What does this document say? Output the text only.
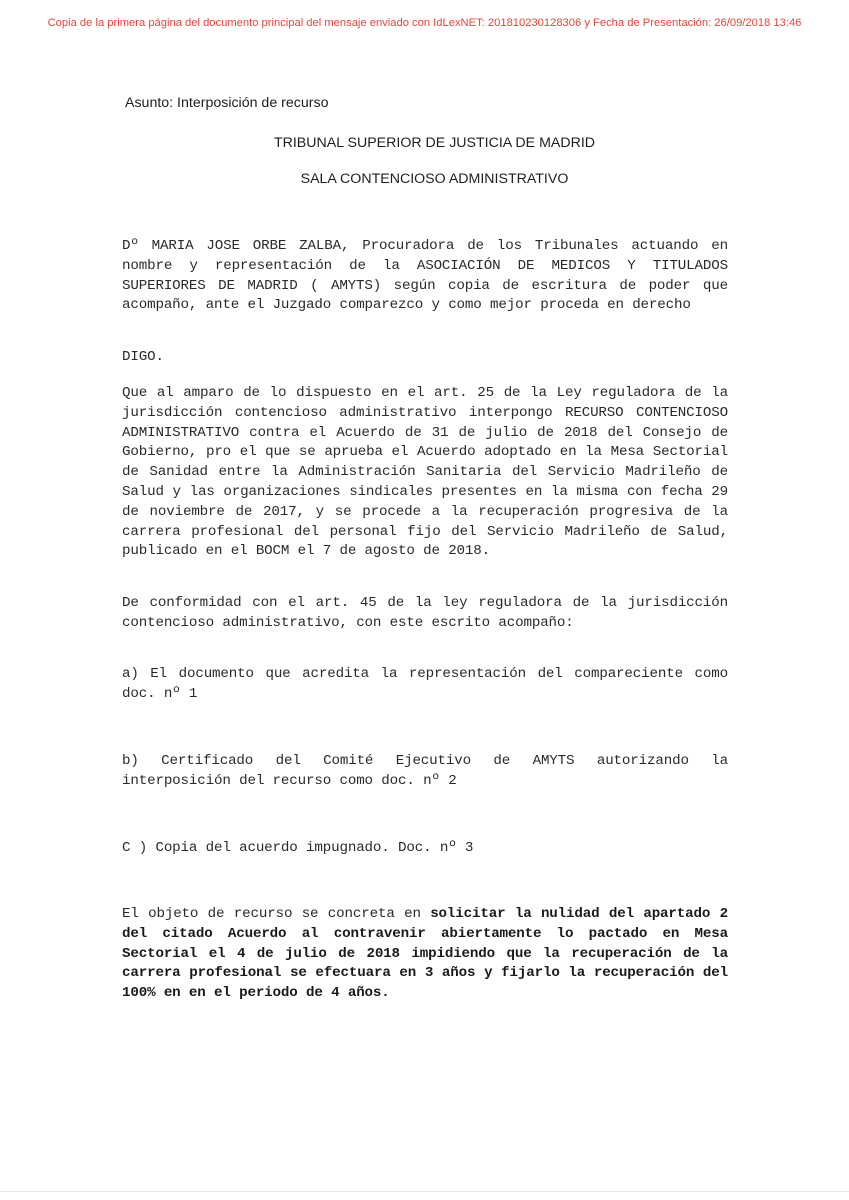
Copia de la primera página del documento principal del mensaje enviado con IdLexNET: 201810230128306 y Fecha de Presentación: 26/09/2018 13:46
Asunto: Interposición de recurso
TRIBUNAL SUPERIOR DE JUSTICIA DE MADRID
SALA CONTENCIOSO ADMINISTRATIVO
Dº MARIA JOSE ORBE ZALBA, Procuradora de los Tribunales actuando en nombre y representación de la ASOCIACIÓN DE MEDICOS Y TITULADOS SUPERIORES DE MADRID ( AMYTS) según copia de escritura de poder que acompaño, ante el Juzgado comparezco y como mejor proceda en derecho
DIGO.
Que al amparo de lo dispuesto en el art. 25 de la Ley reguladora de la jurisdicción contencioso administrativo interpongo RECURSO CONTENCIOSO ADMINISTRATIVO contra el Acuerdo de 31 de julio de 2018 del Consejo de Gobierno, pro el que se aprueba el Acuerdo adoptado en la Mesa Sectorial de Sanidad entre la Administración Sanitaria del Servicio Madrileño de Salud y las organizaciones sindicales presentes en la misma con fecha 29 de noviembre de 2017, y se procede a la recuperación progresiva de la carrera profesional del personal fijo del Servicio Madrileño de Salud, publicado en el BOCM el 7 de agosto de 2018.
De conformidad con el art. 45 de la ley reguladora de la jurisdicción contencioso administrativo, con este escrito acompaño:
a) El documento que acredita la representación del compareciente como doc. nº 1
b) Certificado del Comité Ejecutivo de AMYTS autorizando la interposición del recurso como doc. nº 2
C ) Copia del acuerdo impugnado. Doc. nº 3
El objeto de recurso se concreta en solicitar la nulidad del apartado 2 del citado Acuerdo al contravenir abiertamente lo pactado en Mesa Sectorial el 4 de julio de 2018 impidiendo que la recuperación de la carrera profesional se efectuara en 3 años y fijarlo la recuperación del 100% en en el periodo de 4 años.
